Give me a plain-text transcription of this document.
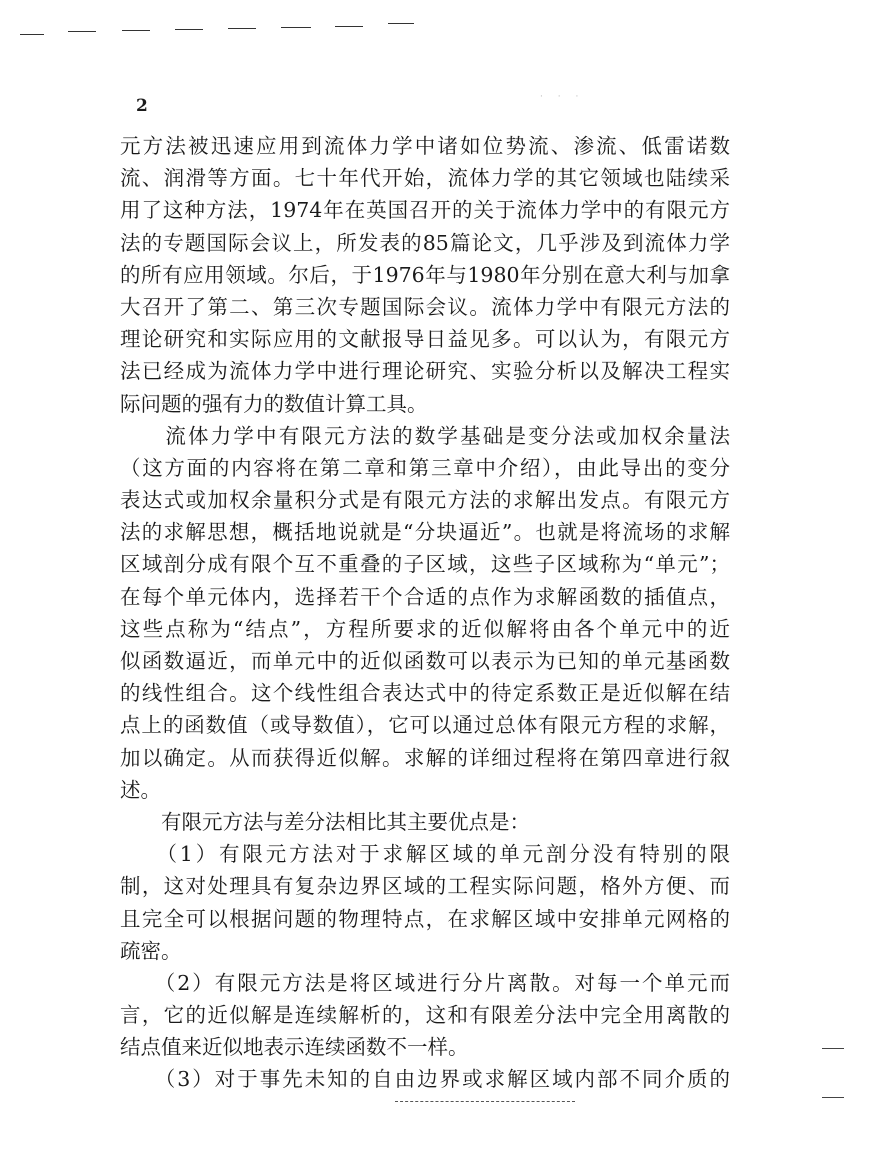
2	· · ·
元方法被迅速应用到流体力学中诸如位势流、渗流、低雷诺数
流、润滑等方面。七十年代开始，流体力学的其它领域也陆续采
用了这种方法，1974年在英国召开的关于流体力学中的有限元方
法的专题国际会议上，所发表的85篇论文，几乎涉及到流体力学
的所有应用领域。尔后，于1976年与1980年分别在意大利与加拿
大召开了第二、第三次专题国际会议。流体力学中有限元方法的
理论研究和实际应用的文献报导日益见多。可以认为，有限元方
法已经成为流体力学中进行理论研究、实验分析以及解决工程实
际问题的强有力的数值计算工具。
　　流体力学中有限元方法的数学基础是变分法或加权余量法
（这方面的内容将在第二章和第三章中介绍），由此导出的变分
表达式或加权余量积分式是有限元方法的求解出发点。有限元方
法的求解思想，概括地说就是“分块逼近”。也就是将流场的求解
区域剖分成有限个互不重叠的子区域，这些子区域称为“单元”；
在每个单元体内，选择若干个合适的点作为求解函数的插值点，
这些点称为“结点”，方程所要求的近似解将由各个单元中的近
似函数逼近，而单元中的近似函数可以表示为已知的单元基函数
的线性组合。这个线性组合表达式中的待定系数正是近似解在结
点上的函数值（或导数值），它可以通过总体有限元方程的求解，
加以确定。从而获得近似解。求解的详细过程将在第四章进行叙
述。
　　有限元方法与差分法相比其主要优点是：
　　（1）有限元方法对于求解区域的单元剖分没有特别的限
制，这对处理具有复杂边界区域的工程实际问题，格外方便、而
且完全可以根据问题的物理特点，在求解区域中安排单元网格的
疏密。
　　（2）有限元方法是将区域进行分片离散。对每一个单元而
言，它的近似解是连续解析的，这和有限差分法中完全用离散的
结点值来近似地表示连续函数不一样。
　　（3）对于事先未知的自由边界或求解区域内部不同介质的
